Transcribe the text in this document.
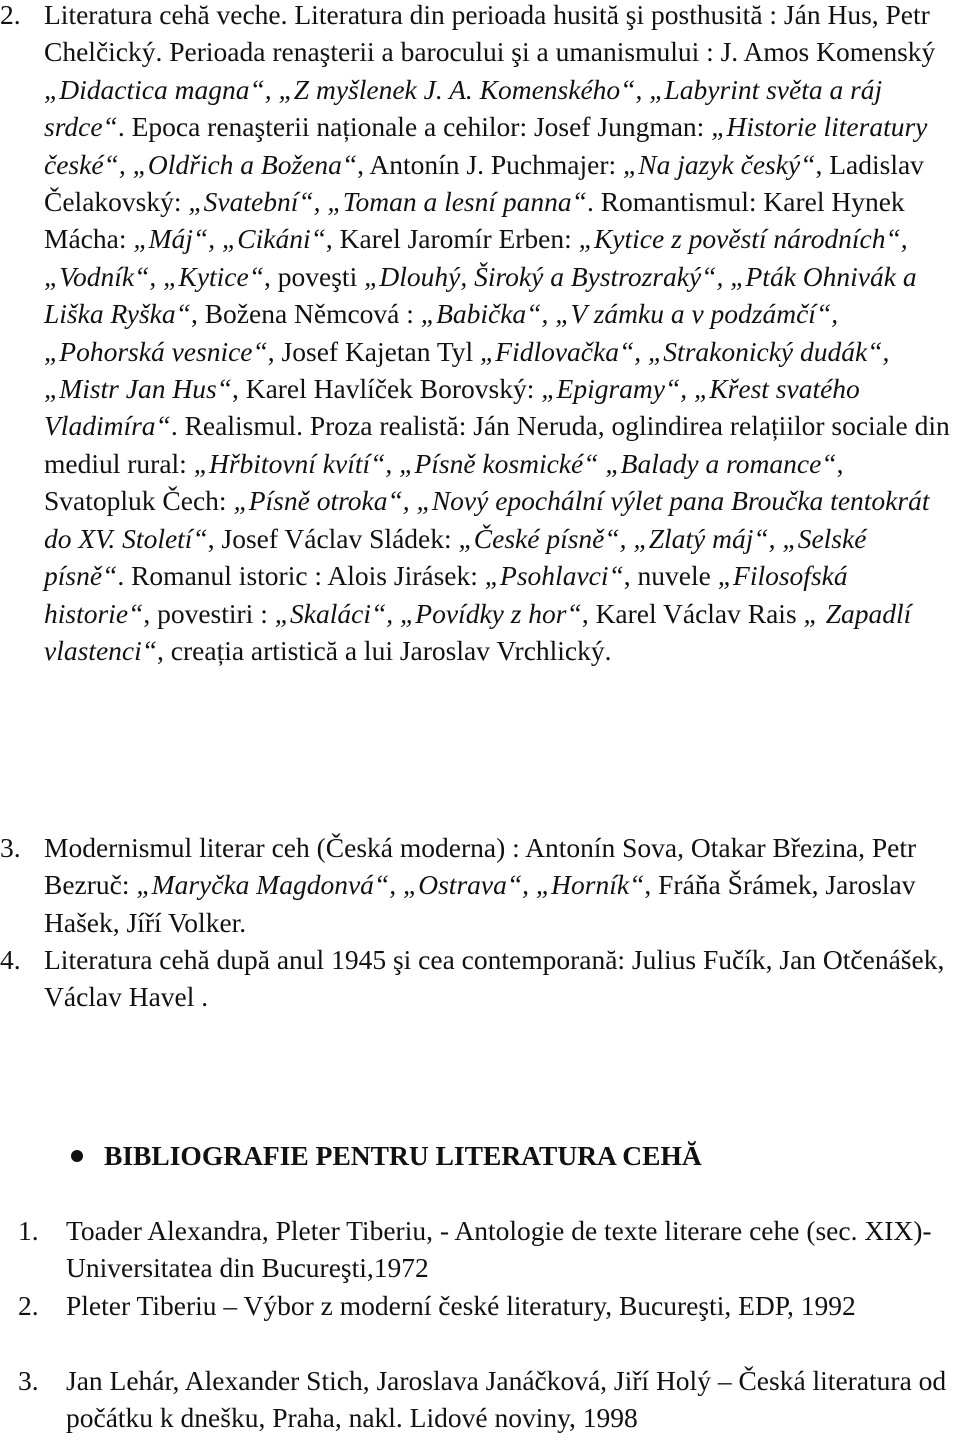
2. Literatura cehă veche. Literatura din perioada husită şi posthusită : Ján Hus, Petr Chelčický. Perioada renaşterii a barocului şi a umanismului : J. Amos Komenský „Didactica magna“, „Z myšlenek J. A. Komenského“, „Labyrint světa a ráj srdce“. Epoca renaşterii naționale a cehilor: Josef Jungman: „Historie literatury české“, „Oldřich a Božena“, Antonín J. Puchmajer: „Na jazyk český“, Ladislav Čelakovský: „Svatební“, „Toman a lesní panna“. Romantismul: Karel Hynek Mácha: „Máj“, „Cikáni“, Karel Jaromír Erben: „Kytice z pověstí národních“, „Vodník“, „Kytice“, poveşti „Dlouhý, Široký a Bystrozraký“, „Pták Ohnivák a Liška Ryška“, Božena Němcová : „Babička“, „V zámku a v podzámčí“, „Pohorská vesnice“, Josef Kajetan Tyl „Fidlovačka“, „Strakonický dudák“, „Mistr Jan Hus“, Karel Havlíček Borovský: „Epigramy“, „Křest svatého Vladimíra“. Realismul. Proza realistă: Ján Neruda, oglindirea relațiilor sociale din mediul rural: „Hřbitovní kvítí“, „Písně kosmické“ „Balady a romance“, Svatopluk Čech: „Písně otroka“, „Nový epochální výlet pana Broučka tentokrát do XV. Století“, Josef Václav Sládek: „České písně“, „Zlatý máj“, „Selské písně“. Romanul istoric : Alois Jirásek: „Psohlavci“, nuvele „Filosofská historie“, povestiri : „Skaláci“, „Povídky z hor“, Karel Václav Rais „ Zapadlí vlastenci“, creația artistică a lui Jaroslav Vrchlický.
3. Modernismul literar ceh (Česká moderna) : Antonín Sova, Otakar Březina, Petr Bezruč: „Maryčka Magdonvá“, „Ostrava“, „Horník“, Fráňa Šrámek, Jaroslav Hašek, Jíří Volker.
4. Literatura cehă după anul 1945 şi cea contemporană: Julius Fučík, Jan Otčenášek, Václav Havel .
BIBLIOGRAFIE PENTRU LITERATURA CEHĂ
1. Toader Alexandra, Pleter Tiberiu, - Antologie de texte literare cehe (sec. XIX)- Universitatea din Bucureşti,1972
2. Pleter Tiberiu – Výbor z moderní české literatury, Bucureşti, EDP, 1992
3. Jan Lehár, Alexander Stich, Jaroslava Janáčková, Jiří Holý – Česká literatura od počátku k dnešku, Praha, nakl. Lidové noviny, 1998
